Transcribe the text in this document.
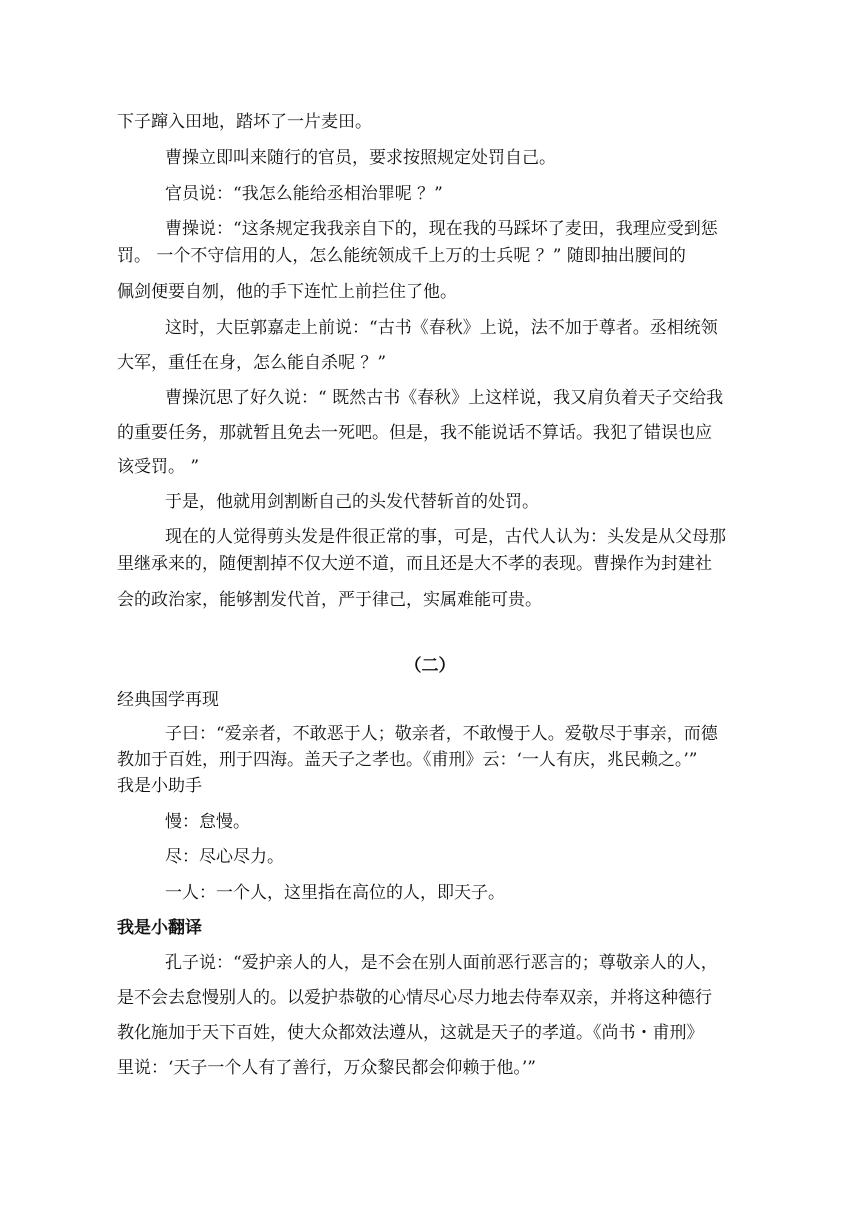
下子蹿入田地，踏坏了一片麦田。
曹操立即叫来随行的官员，要求按照规定处罚自己。
官员说：“我怎么能给丞相治罪呢 ？”
曹操说：“这条规定我我亲自下的，现在我的马踩坏了麦田，我理应受到惩
罚。 一个不守信用的人，怎么能统领成千上万的士兵呢 ？” 随即抽出腰间的
佩剑便要自刎，他的手下连忙上前拦住了他。
这时，大臣郭嘉走上前说：“古书《春秋》上说，法不加于尊者。丞相统领
大军，重任在身，怎么能自杀呢 ？”
曹操沉思了好久说：“ 既然古书《春秋》上这样说，我又肩负着天子交给我
的重要任务，那就暂且免去一死吧。但是，我不能说话不算话。我犯了错误也应
该受罚。 ”
于是，他就用剑割断自己的头发代替斩首的处罚。
现在的人觉得剪头发是件很正常的事，可是，古代人认为：头发是从父母那
里继承来的，随便割掉不仅大逆不道，而且还是大不孝的表现。曹操作为封建社
会的政治家，能够割发代首，严于律己，实属难能可贵。
（二）
经典国学再现
子曰：“爱亲者，不敢恶于人；敬亲者，不敢慢于人。爱敬尽于事亲，而德
教加于百姓，刑于四海。盖天子之孝也。《甫刑》云：‘一人有庆，兆民赖之。’”
我是小助手
慢：怠慢。
尽：尽心尽力。
一人：一个人，这里指在高位的人，即天子。
我是小翻译
孔子说：“爱护亲人的人，是不会在别人面前恶行恶言的；尊敬亲人的人，
是不会去怠慢别人的。以爱护恭敬的心情尽心尽力地去侍奉双亲，并将这种德行
教化施加于天下百姓，使大众都效法遵从，这就是天子的孝道。《尚书・甫刑》
里说：‘天子一个人有了善行，万众黎民都会仰赖于他。’”
